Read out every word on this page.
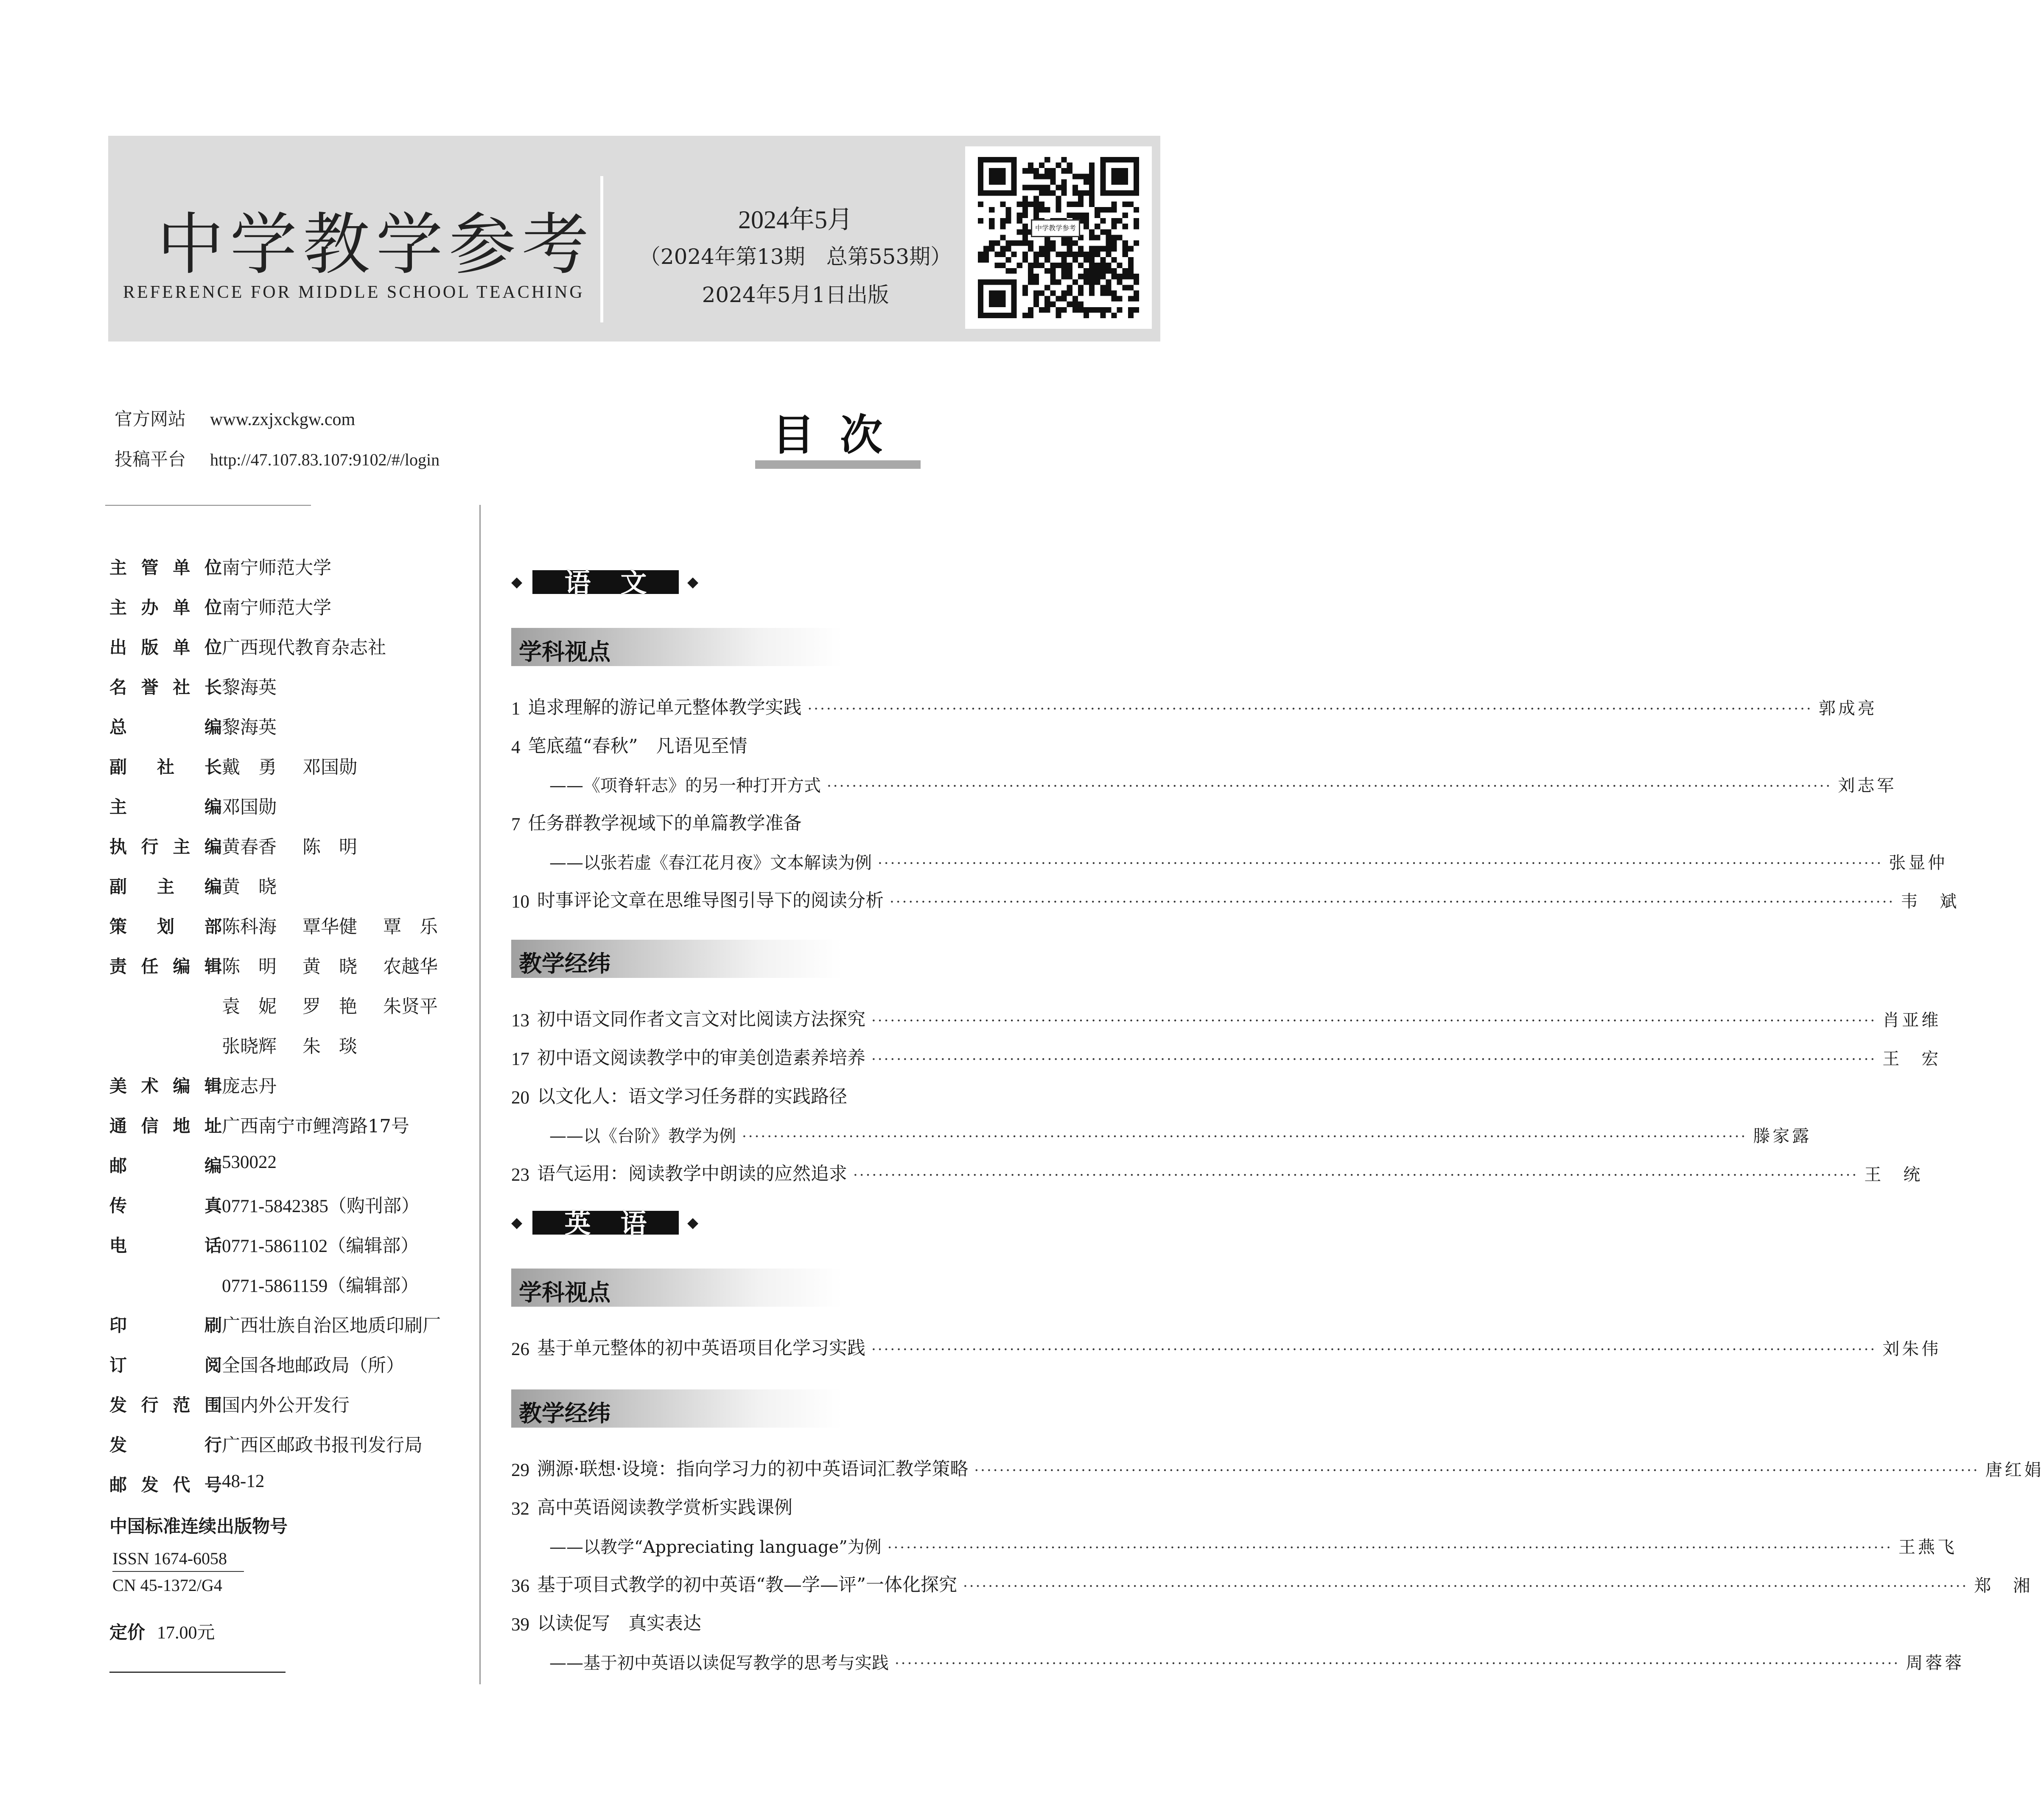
中学教学参考
REFERENCE FOR MIDDLE SCHOOL TEACHING
2024年5月
（2024年第13期　总第553期）
2024年5月1日出版
中学教学参考
官方网站 www.zxjxckgw.com
投稿平台 http://47.107.83.107:9102/#/login	目次
主 管 单 位 南宁师范大学
主 办 单 位 南宁师范大学
出 版 单 位 广西现代教育杂志社
名 誉 社 长 黎海英
总	编 黎海英
副 社 长 戴　勇	邓国勋
主	编 邓国勋
执 行 主 编 黄春香	陈　明
副 主 编 黄　晓
策 划 部 陈科海	覃华健	覃　乐
责 任 编 辑 陈　明	黄　晓	农越华
袁　妮	罗　艳	朱贤平
张晓辉	朱　琰
美 术 编 辑 庞志丹
通 信 地 址 广西南宁市鲤湾路17号
邮	编 530022
传	真 0771-5842385（购刊部）
电	话 0771-5861102（编辑部）
0771-5861159（编辑部）
印	刷 广西壮族自治区地质印刷厂
订	阅 全国各地邮政局（所）
发 行 范 围 国内外公开发行
发	行 广西区邮政书报刊发行局
邮 发 代 号 48-12
中国标准连续出版物号
ISSN 1674-6058
CN 45-1372/G4
定价 17.00元
◆	语文 ◆
学科视点
1 追求理解的游记单元整体教学实践 ································································································································································ 郭成亮
4 笔底蕴“春秋”　凡语见至情
——《项脊轩志》的另一种打开方式 ································································································································································ 刘志军
7 任务群教学视域下的单篇教学准备
——以张若虚《春江花月夜》文本解读为例 ································································································································································ 张显仲
10 时事评论文章在思维导图引导下的阅读分析 ································································································································································ 韦　斌
教学经纬
13 初中语文同作者文言文对比阅读方法探究 ································································································································································ 肖亚维
17 初中语文阅读教学中的审美创造素养培养 ································································································································································ 王　宏
20 以文化人：语文学习任务群的实践路径
——以《台阶》教学为例 ································································································································································ 滕家露
23 语气运用：阅读教学中朗读的应然追求 ································································································································································ 王　统
◆	英语 ◆
学科视点
26 基于单元整体的初中英语项目化学习实践 ································································································································································ 刘朱伟
教学经纬
29 溯源·联想·设境：指向学习力的初中英语词汇教学策略 ································································································································································ 唐红娟
32 高中英语阅读教学赏析实践课例
——以教学“Appreciating language”为例 ································································································································································ 王燕飞
36 基于项目式教学的初中英语“教—学—评”一体化探究 ································································································································································ 郑　湘
39 以读促写　真实表达
——基于初中英语以读促写教学的思考与实践 ································································································································································ 周蓉蓉
